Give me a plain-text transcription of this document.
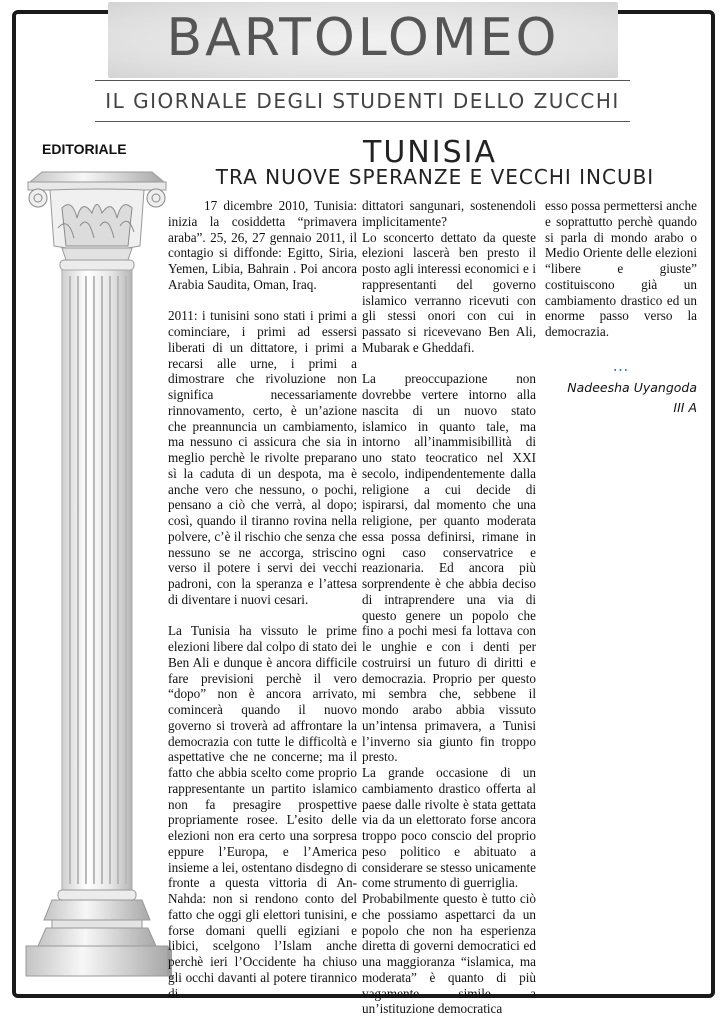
BARTOLOMEO
IL GIORNALE DEGLI STUDENTI DELLO ZUCCHI
EDITORIALE	TUNISIA
TRA NUOVE SPERANZE E VECCHI INCUBI

17 dicembre 2010, Tunisia: inizia la cosiddetta “primavera araba”. 25, 26, 27 gennaio 2011, il contagio si diffonde: Egitto, Siria, Yemen, Libia, Bahrain . Poi ancora Arabia Saudita, Oman, Iraq.

2011: i tunisini sono stati i primi a cominciare, i primi ad essersi liberati di un dittatore, i primi a recarsi alle urne, i primi a dimostrare che rivoluzione non significa necessariamente rinnovamento, certo, è un’azione che preannuncia un cambiamento, ma nessuno ci assicura che sia in meglio perchè le rivolte preparano sì la caduta di un despota, ma è anche vero che nessuno, o pochi, pensano a ciò che verrà, al dopo; così, quando il tiranno rovina nella polvere, c’è il rischio che senza che nessuno se ne accorga, striscino verso il potere i servi dei vecchi padroni, con la speranza e l’attesa di diventare i nuovi cesari.

La Tunisia ha vissuto le prime elezioni libere dal colpo di stato dei Ben Ali e dunque è ancora difficile fare previsioni perchè il vero “dopo” non è ancora arrivato, comincerà quando il nuovo governo si troverà ad affrontare la democrazia con tutte le difficoltà e aspettative che ne concerne; ma il fatto che abbia scelto come proprio rappresentante un partito islamico non fa presagire prospettive propriamente rosee. L’esito delle elezioni non era certo una sorpresa eppure l’Europa, e l’America insieme a lei, ostentano disdegno di fronte a questa vittoria di An-Nahda: non si rendono conto del fatto che oggi gli elettori tunisini, e forse domani quelli egiziani e libici, scelgono l’Islam anche perchè ieri l’Occidente ha chiuso gli occhi davanti al potere tirannico di

dittatori sangunari, sostenendoli implicitamente?

Lo sconcerto dettato da queste elezioni lascerà ben presto il posto agli interessi economici e i rappresentanti del governo islamico verranno ricevuti con gli stessi onori con cui in passato si ricevevano Ben Ali, Mubarak e Gheddafi.

La preoccupazione non dovrebbe vertere intorno alla nascita di un nuovo stato islamico in quanto tale, ma intorno all’inammisibillità di uno stato teocratico nel XXI secolo, indipendentemente dalla religione a cui decide di ispirarsi, dal momento che una religione, per quanto moderata essa possa definirsi, rimane in ogni caso conservatrice e reazionaria. Ed ancora più sorprendente è che abbia deciso di intraprendere una via di questo genere un popolo che fino a pochi mesi fa lottava con le unghie e con i denti per costruirsi un futuro di diritti e democrazia. Proprio per questo mi sembra che, sebbene il mondo arabo abbia vissuto un’intensa primavera, a Tunisi l’inverno sia giunto fin troppo presto.

La grande occasione di un cambiamento drastico offerta al paese dalle rivolte è stata gettata via da un elettorato forse ancora troppo poco conscio del proprio peso politico e abituato a considerare se stesso unicamente come strumento di guerriglia.

Probabilmente questo è tutto ciò che possiamo aspettarci da un popolo che non ha esperienza diretta di governi democratici ed una maggioranza “islamica, ma moderata” è quanto di più vagamente simile a un’istituzione democratica

esso possa permettersi anche e soprattutto perchè quando si parla di mondo arabo o Medio Oriente delle elezioni “libere e giuste” costituiscono già un cambiamento drastico ed un enorme passo verso la democrazia.

…
Nadeesha Uyangoda
III A
